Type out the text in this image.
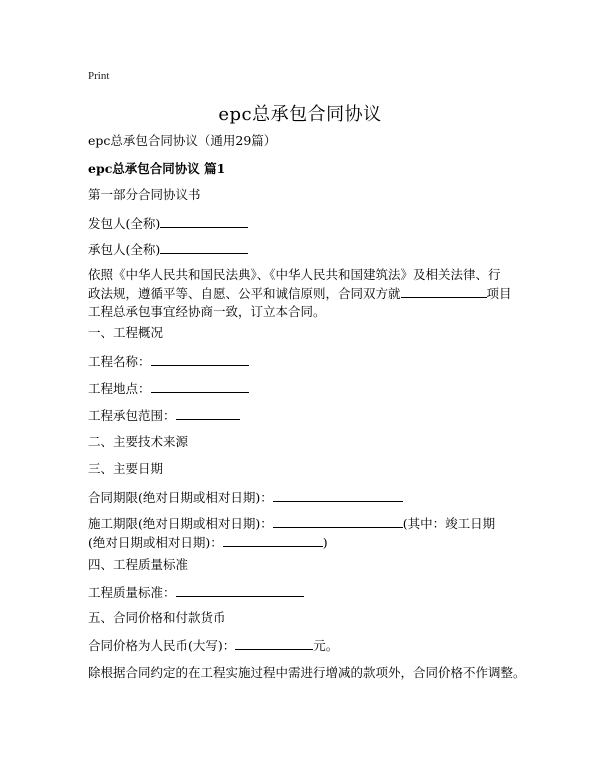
Print
epc总承包合同协议
epc总承包合同协议（通用29篇）
epc总承包合同协议 篇1
第一部分合同协议书
发包人(全称)
承包人(全称)
依照《中华人民共和国民法典》、《中华人民共和国建筑法》及相关法律、行政法规，遵循平等、自愿、公平和诚信原则，合同双方就	项目工程总承包事宜经协商一致，订立本合同。
一、工程概况
工程名称：
工程地点：
工程承包范围：
二、主要技术来源
三、主要日期
合同期限(绝对日期或相对日期)：
施工期限(绝对日期或相对日期)：	(其中：竣工日期(绝对日期或相对日期)：	)
四、工程质量标准
工程质量标准：
五、合同价格和付款货币
合同价格为人民币(大写)：	元。
除根据合同约定的在工程实施过程中需进行增减的款项外，合同价格不作调整。
